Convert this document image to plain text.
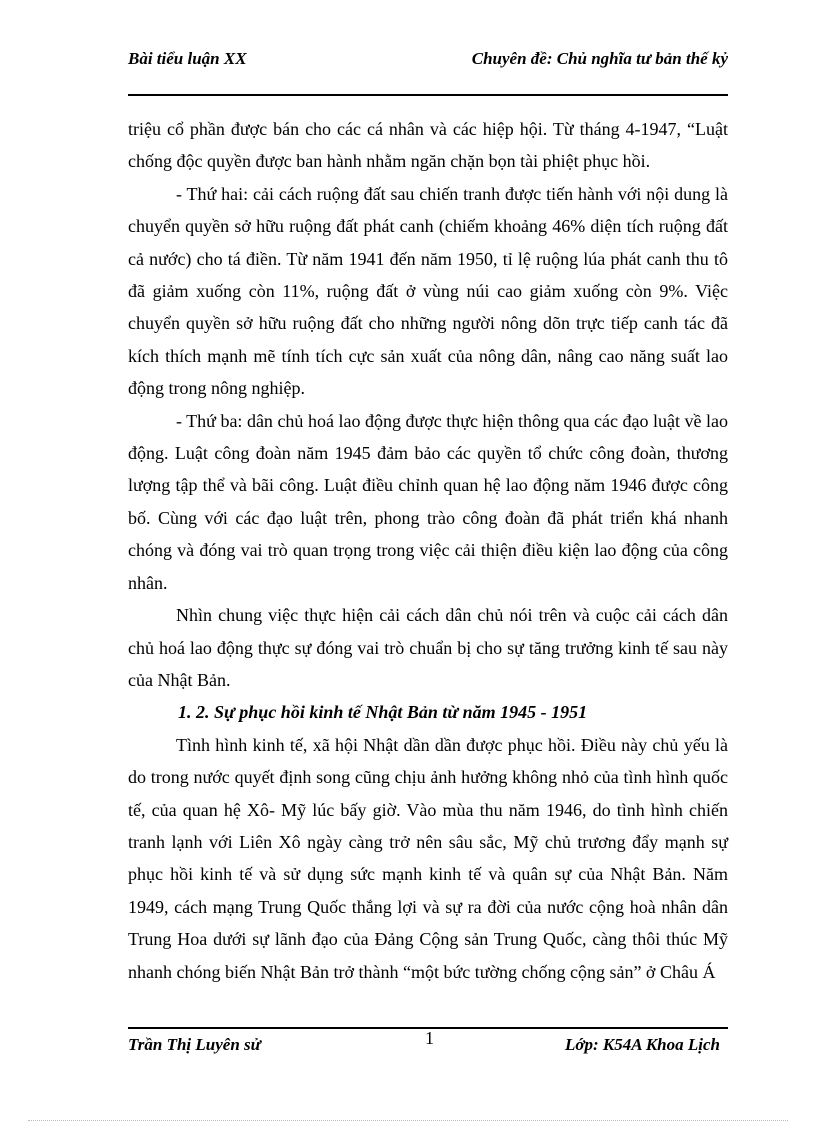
Bài tiểu luận XX	Chuyên đề: Chủ nghĩa tư bản thế kỷ

triệu cổ phần được bán cho các cá nhân và các hiệp hội. Từ tháng 4-1947, “Luật chống độc quyền được ban hành nhằm ngăn chặn bọn tài phiệt phục hồi.

- Thứ hai: cải cách ruộng đất sau chiến tranh được tiến hành với nội dung là chuyển quyền sở hữu ruộng đất phát canh (chiếm khoảng 46% diện tích ruộng đất cả nước) cho tá điền. Từ năm 1941 đến năm 1950, tỉ lệ ruộng lúa phát canh thu tô đã giảm xuống còn 11%, ruộng đất ở vùng núi cao giảm xuống còn 9%. Việc chuyển quyền sở hữu ruộng đất cho những người nông dõn trực tiếp canh tác đã kích thích mạnh mẽ tính tích cực sản xuất của nông dân, nâng cao năng suất lao động trong nông nghiệp.

- Thứ ba: dân chủ hoá lao động được thực hiện thông qua các đạo luật về lao động. Luật công đoàn năm 1945 đảm bảo các quyền tổ chức công đoàn, thương lượng tập thể và bãi công. Luật điều chỉnh quan hệ lao động năm 1946 được công bố. Cùng với các đạo luật trên, phong trào công đoàn đã phát triển khá nhanh chóng và đóng vai trò quan trọng trong việc cải thiện điều kiện lao động của công nhân.

Nhìn chung việc thực hiện cải cách dân chủ nói trên và cuộc cải cách dân chủ hoá lao động thực sự đóng vai trò chuẩn bị cho sự tăng trưởng kinh tế sau này của Nhật Bản.

1. 2. Sự phục hồi kinh tế Nhật Bản từ năm 1945 - 1951

Tình hình kinh tế, xã hội Nhật dần dần được phục hồi. Điều này chủ yếu là do trong nước quyết định song cũng chịu ảnh hưởng không nhỏ của tình hình quốc tế, của quan hệ Xô- Mỹ lúc bấy giờ. Vào mùa thu năm 1946, do tình hình chiến tranh lạnh với Liên Xô ngày càng trở nên sâu sắc, Mỹ chủ trương đẩy mạnh sự phục hồi kinh tế và sử dụng sức mạnh kinh tế và quân sự của Nhật Bản. Năm 1949, cách mạng Trung Quốc thắng lợi và sự ra đời của nước cộng hoà nhân dân Trung Hoa dưới sự lãnh đạo của Đảng Cộng sản Trung Quốc, càng thôi thúc Mỹ nhanh chóng biến Nhật Bản trở thành “một bức tường chống cộng sản” ở Châu Á

Trần Thị Luyên sử	1	Lớp: K54A Khoa Lịch
